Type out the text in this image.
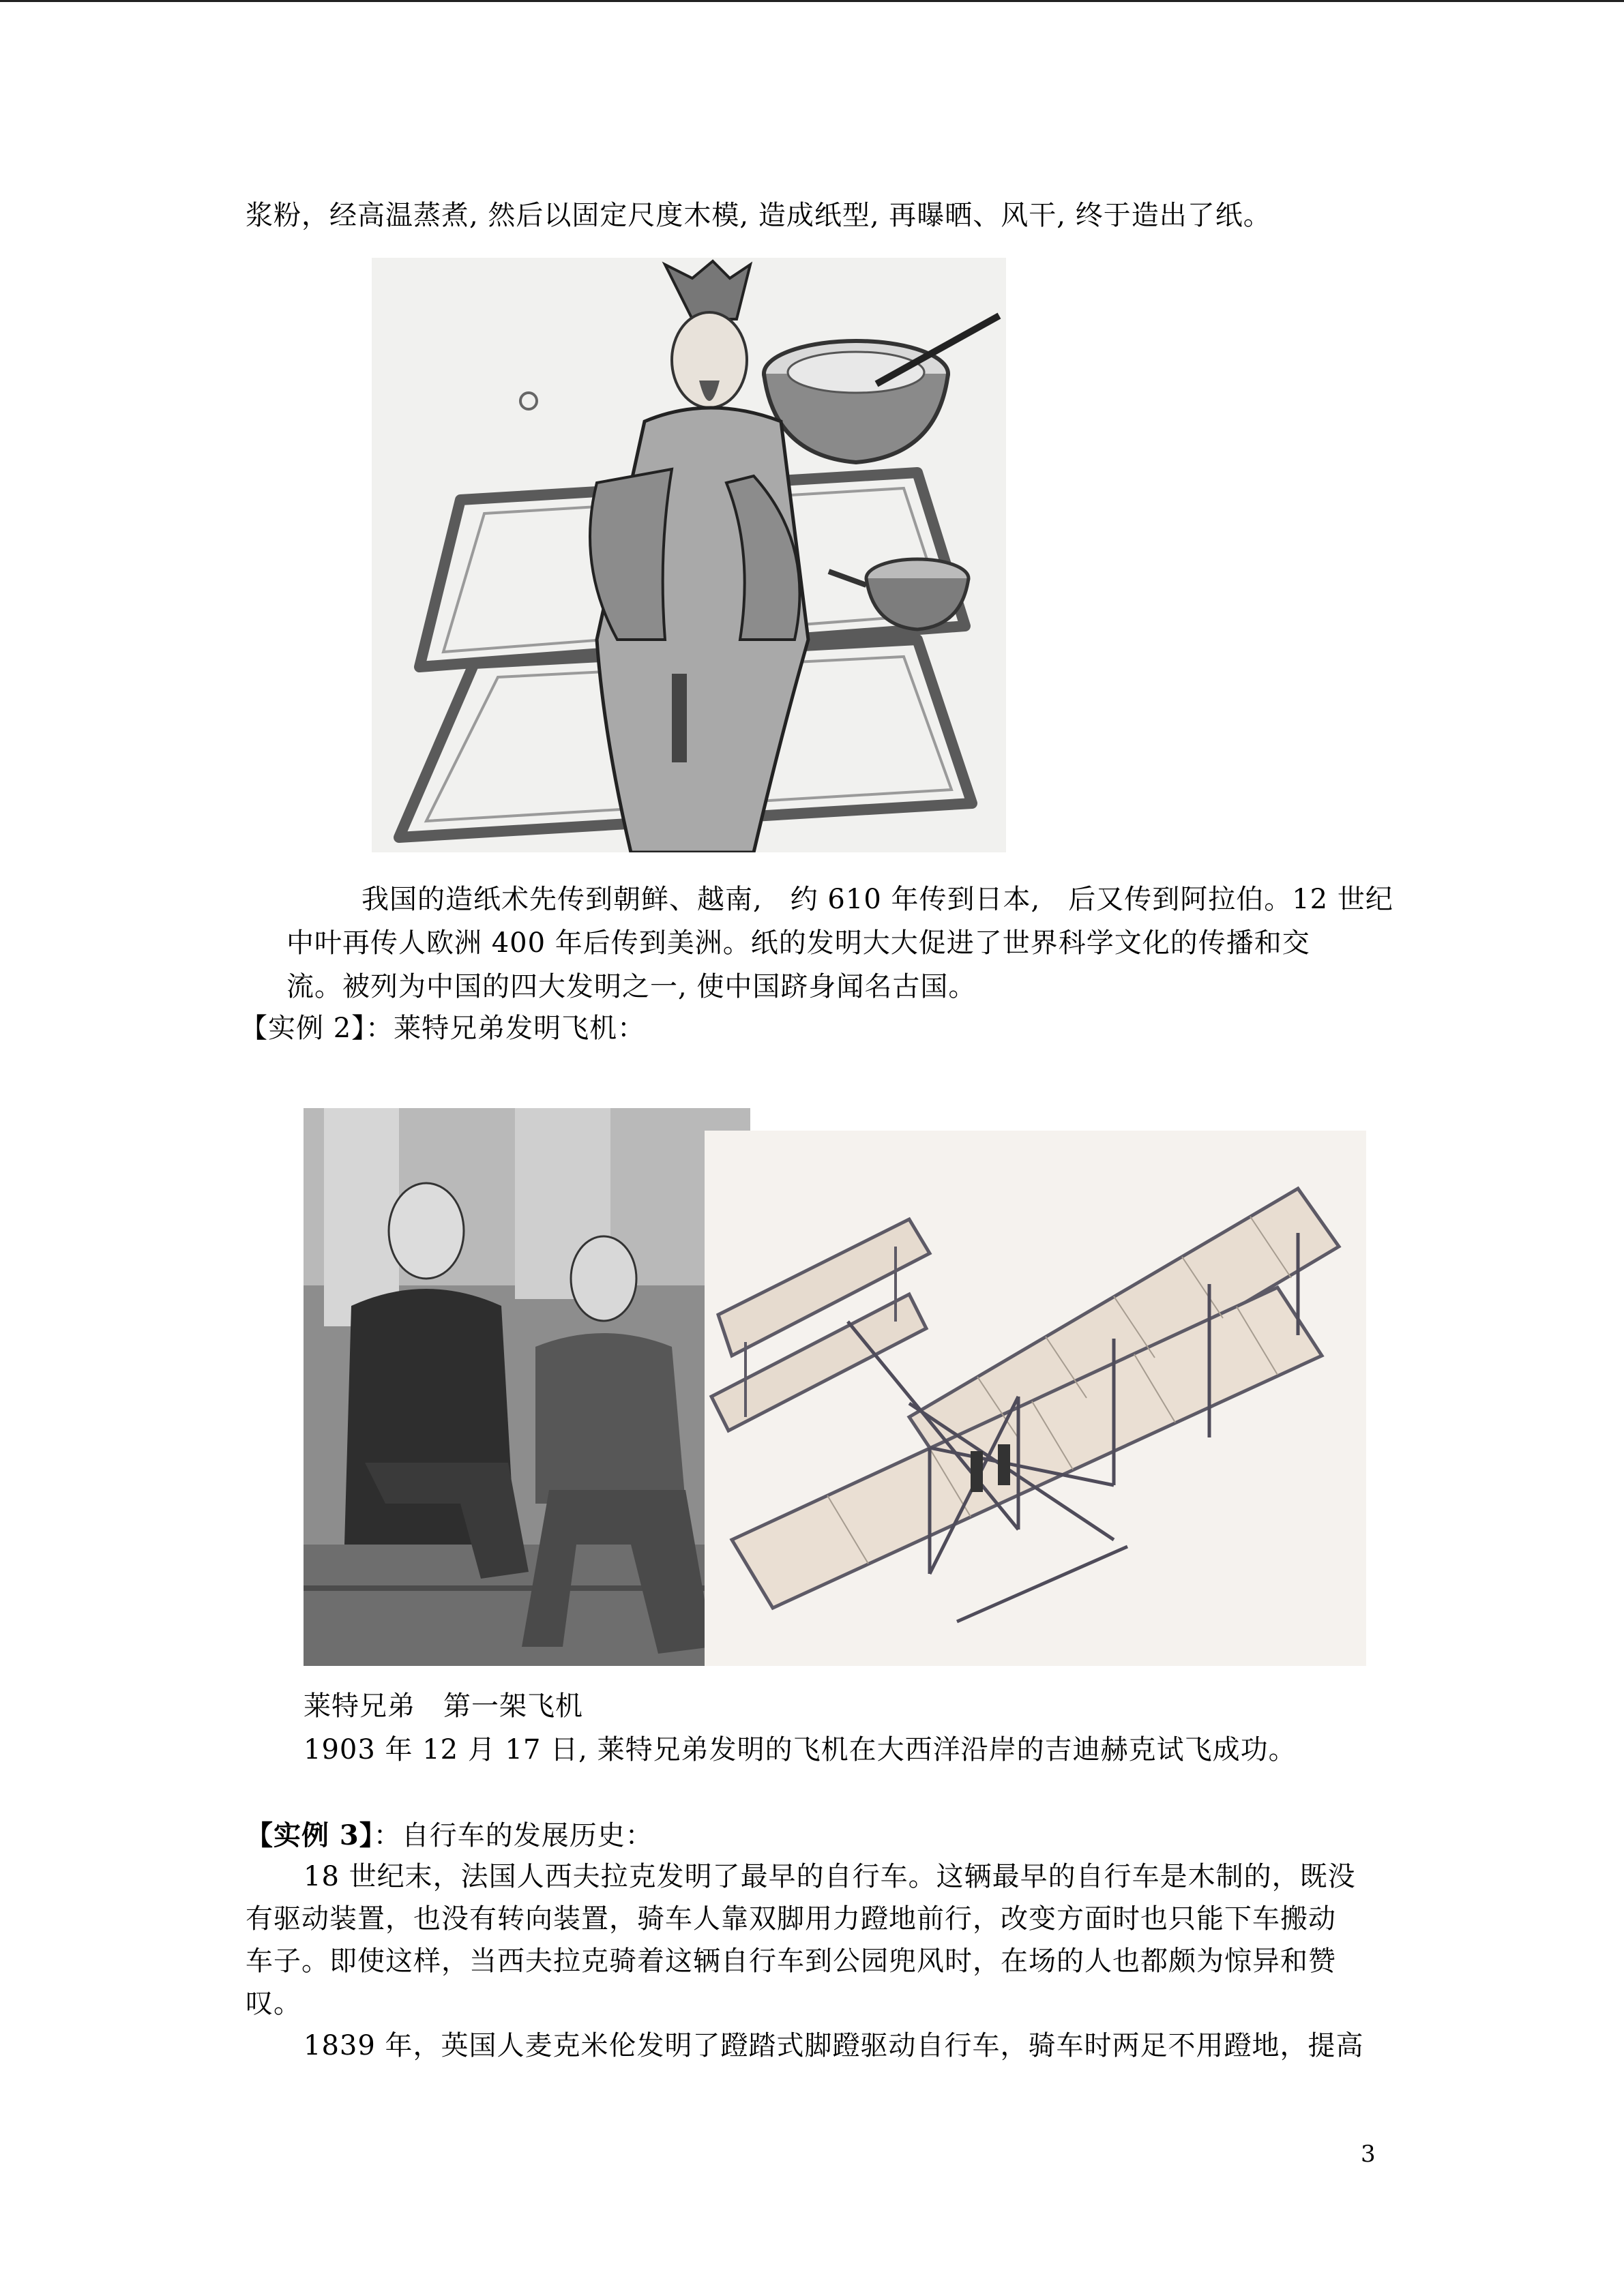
浆粉，经高温蒸煮, 然后以固定尺度木模, 造成纸型, 再曝晒、风干, 终于造出了纸。
我国的造纸术先传到朝鲜、越南,　约 610 年传到日本,　后又传到阿拉伯。12 世纪
中叶再传人欧洲 400 年后传到美洲。纸的发明大大促进了世界科学文化的传播和交
流。被列为中国的四大发明之一, 使中国跻身闻名古国。
【实例 2】：莱特兄弟发明飞机：
莱特兄弟　第一架飞机
1903 年 12 月 17 日, 莱特兄弟发明的飞机在大西洋沿岸的吉迪赫克试飞成功。
【实例 3】：自行车的发展历史：
18 世纪末，法国人西夫拉克发明了最早的自行车。这辆最早的自行车是木制的，既没
有驱动装置，也没有转向装置，骑车人靠双脚用力蹬地前行，改变方面时也只能下车搬动
车子。即使这样，当西夫拉克骑着这辆自行车到公园兜风时，在场的人也都颇为惊异和赞
叹。
1839 年，英国人麦克米伦发明了蹬踏式脚蹬驱动自行车，骑车时两足不用蹬地，提高
3
